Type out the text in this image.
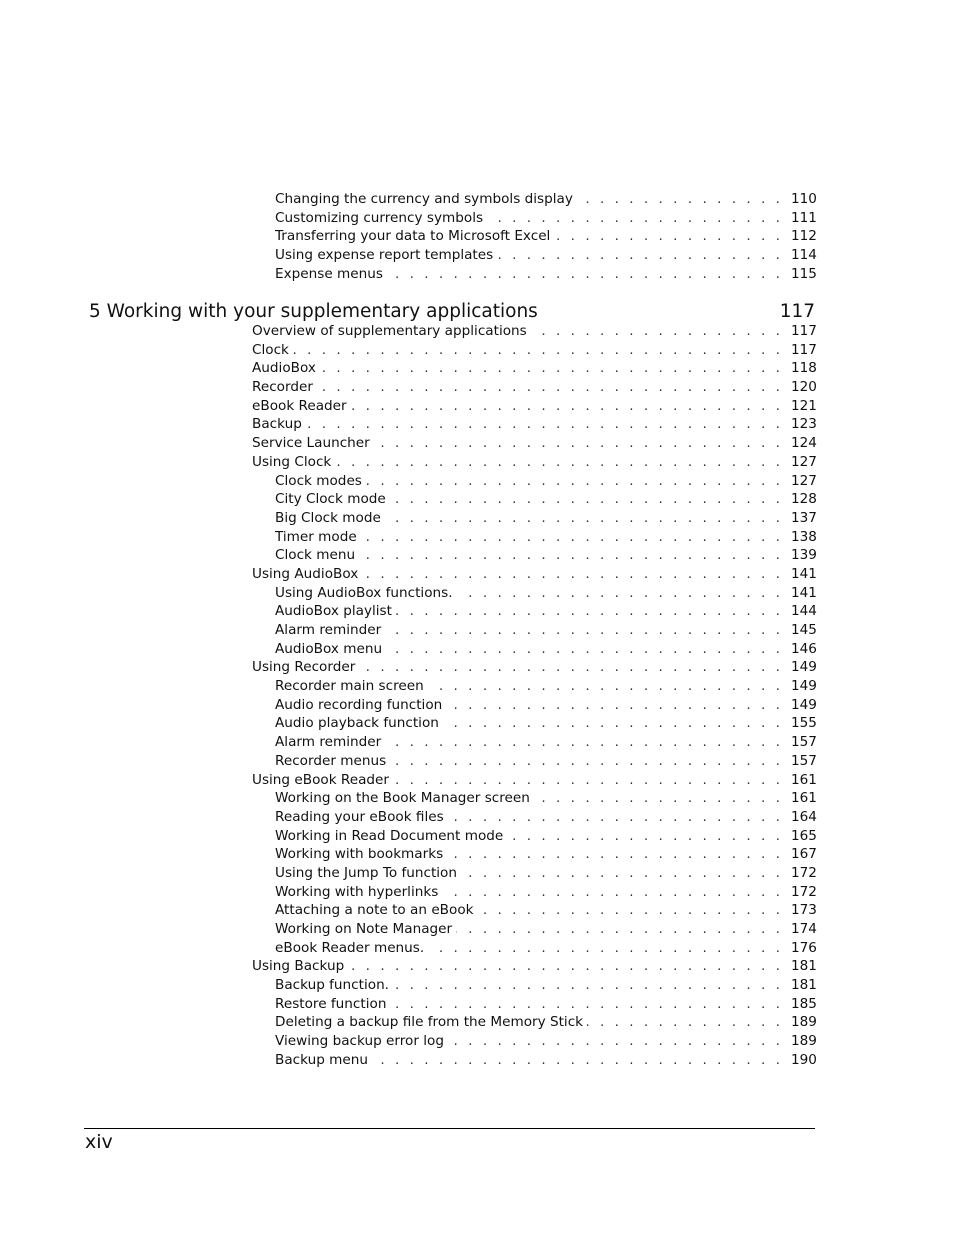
Changing the currency and symbols display . . .	110
Customizing currency symbols . . .	111
Transferring your data to Microsoft Excel . . .	112
Using expense report templates . . .	114
Expense menus . . .	115
5 Working with your supplementary applications	117
Overview of supplementary applications . . .	117
Clock . . .	117
AudioBox . . .	118
Recorder . . .	120
eBook Reader . . .	121
Backup . . .	123
Service Launcher . . .	124
Using Clock . . .	127
Clock modes . . .	127
City Clock mode . . .	128
Big Clock mode . . .	137
Timer mode . . .	138
Clock menu . . .	139
Using AudioBox . . .	141
Using AudioBox functions. . . .	141
AudioBox playlist . . .	144
Alarm reminder . . .	145
AudioBox menu . . .	146
Using Recorder . . .	149
Recorder main screen . . .	149
Audio recording function . . .	149
Audio playback function . . .	155
Alarm reminder . . .	157
Recorder menus . . .	157
Using eBook Reader . . .	161
Working on the Book Manager screen . . .	161
Reading your eBook files . . .	164
Working in Read Document mode . . .	165
Working with bookmarks . . .	167
Using the Jump To function . . .	172
Working with hyperlinks . . .	172
Attaching a note to an eBook . . .	173
Working on Note Manager . . .	174
eBook Reader menus. . . .	176
Using Backup . . .	181
Backup function. . . .	181
Restore function . . .	185
Deleting a backup file from the Memory Stick . . .	189
Viewing backup error log . . .	189
Backup menu . . .	190
xiv
